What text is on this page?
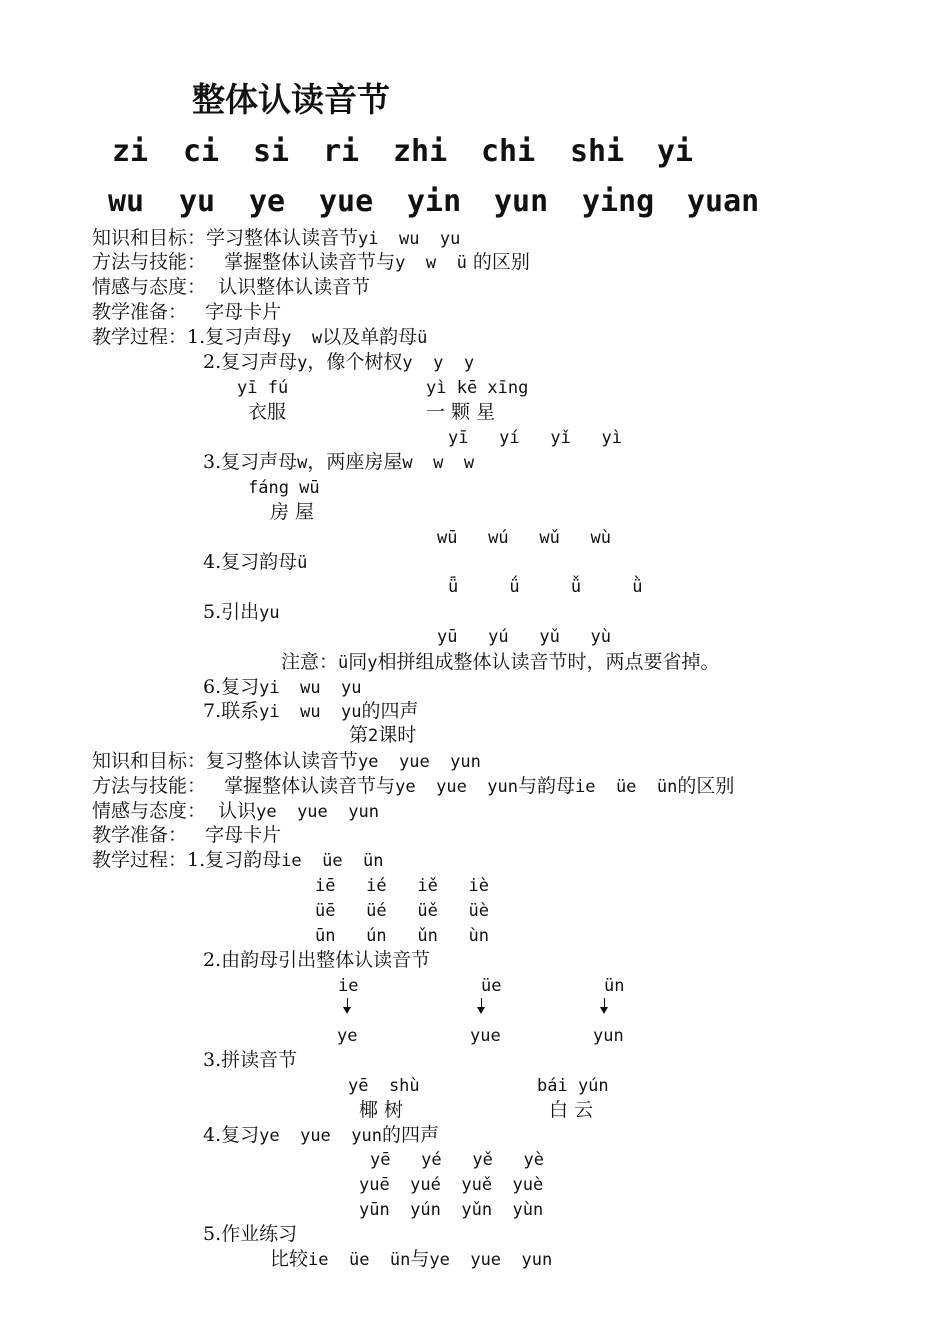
整体认读音节
zi ci si ri zhi chi shi yi
wu yu ye yue yin yun ying yuan
知识和目标：学习整体认读音节yi  wu  yu
方法与技能： 掌握整体认读音节与y  w  ü 的区别
情感与态度： 认识整体认读音节
教学准备： 字母卡片
教学过程：1.复习声母y  w以及单韵母ü
2.复习声母y，像个树杈y  y  y
yī fú	yì kē xīng
衣服	一 颗 星
yī   yí   yǐ   yì
3.复习声母w，两座房屋w  w  w
fáng wū
房 屋
wū   wú   wǔ   wù
4.复习韵母ü
ǖ     ǘ     ǚ     ǜ
5.引出yu
yū   yú   yǔ   yù
注意：ü同y相拼组成整体认读音节时，两点要省掉。
6.复习yi  wu  yu
7.联系yi  wu  yu的四声
第2课时
知识和目标：复习整体认读音节ye  yue  yun
方法与技能： 掌握整体认读音节与ye  yue  yun与韵母ie  üe  ün的区别
情感与态度： 认识ye  yue  yun
教学准备： 字母卡片
教学过程：1.复习韵母ie  üe  ün
iē   ié   iě   iè
üē   üé   üě   üè
ūn   ún   ǔn   ùn
2.由韵母引出整体认读音节
ie	üe	ün
ye	yue	yun
3.拼读音节
yē  shù	bái yún
椰 树	白 云
4.复习ye  yue  yun的四声
yē   yé   yě   yè
yuē  yué  yuě  yuè
yūn  yún  yǔn  yùn
5.作业练习
比较ie  üe  ün与ye  yue  yun
